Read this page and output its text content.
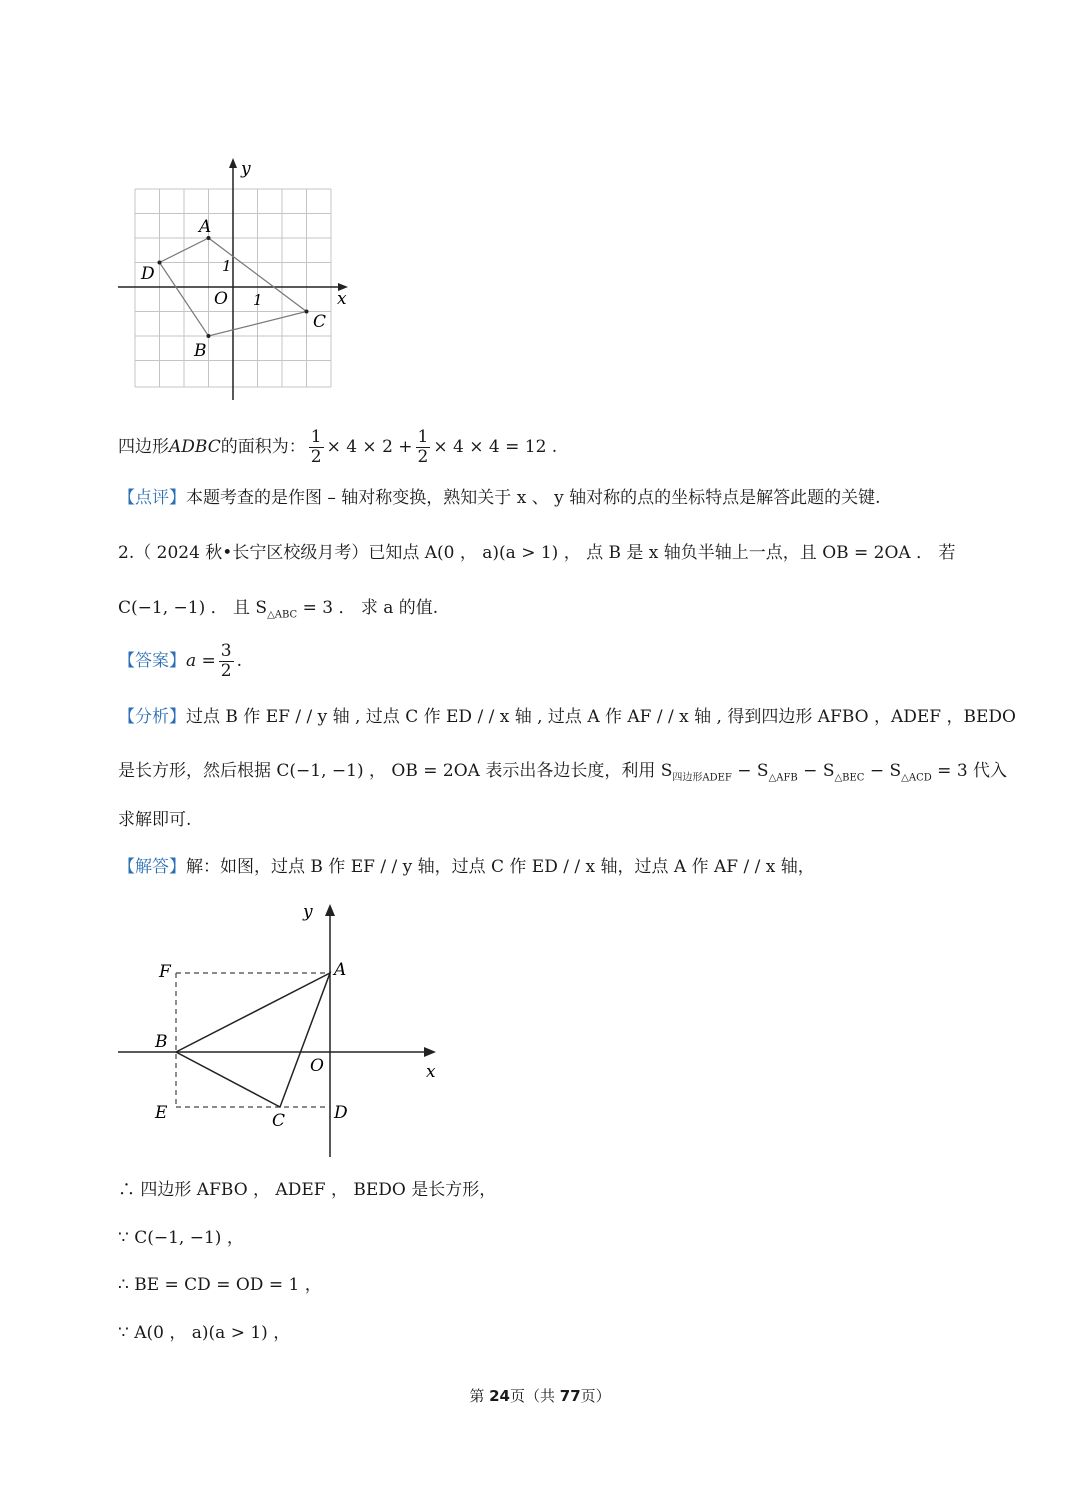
y
x
A
D
B
C
O
1
1
四边形 ADBC 的面积为： $\frac{1}{2} \times 4 \times 2 + \frac{1}{2} \times 4 \times 4 = 12$ .
【点评】本题考查的是作图 – 轴对称变换，熟知关于 x 、 y 轴对称的点的坐标特点是解答此题的关键.
2.（ 2024 秋•长宁区校级月考）已知点 A(0 ， a)(a > 1) ， 点 B 是 x 轴负半轴上一点，且 OB = 2OA ． 若
C(−1, −1) ． 且 $S_{\triangle ABC} = 3$ ． 求 a 的值.
【答案】 $a = \frac{3}{2}$ .
【分析】过点 B 作 EF / / y 轴 , 过点 C 作 ED / / x 轴 , 过点 A 作 AF / / x 轴 , 得到四边形 AFBO ，ADEF ，BEDO
是长方形，然后根据 C(−1, −1) ， OB = 2OA 表示出各边长度，利用 $S_{四边形ADEF} - S_{\triangle AFB} - S_{\triangle BEC} - S_{\triangle ACD} = 3$ 代入
求解即可.
【解答】解：如图，过点 B 作 EF / / y 轴，过点 C 作 ED / / x 轴，过点 A 作 AF / / x 轴，
y
x
F	A
B
O
E	C	D
∴ 四边形 AFBO ， ADEF ， BEDO 是长方形，
∵ C(−1, −1) ，
∴ BE = CD = OD = 1 ，
∵ A(0 ， a)(a > 1) ，
第 24页（共 77页）
